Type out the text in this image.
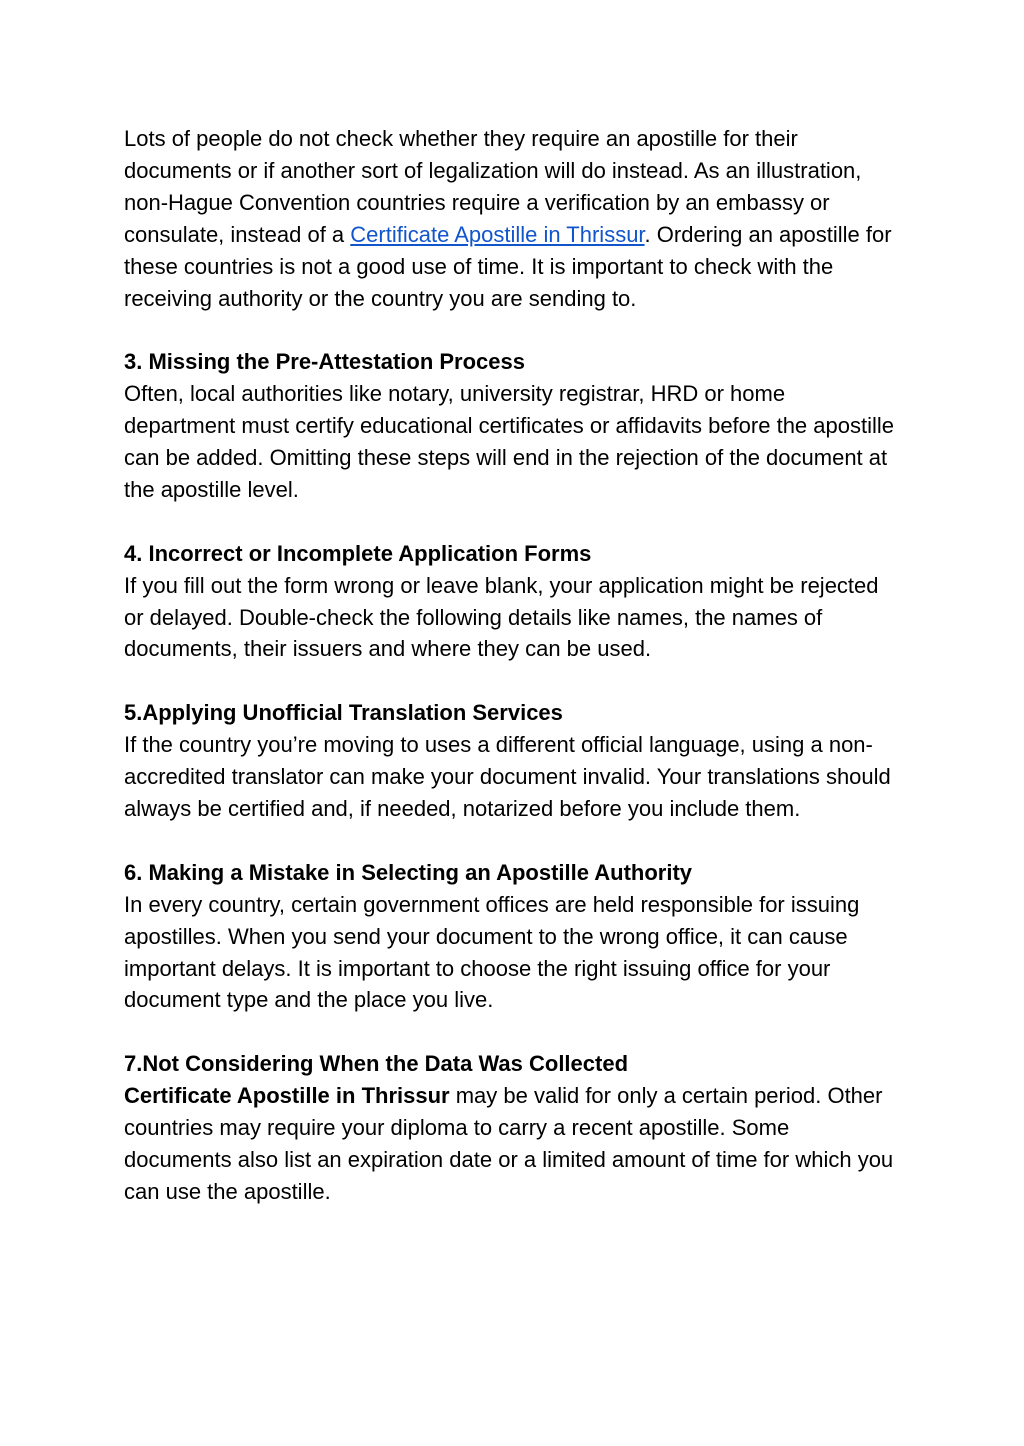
Lots of people do not check whether they require an apostille for their documents or if another sort of legalization will do instead. As an illustration, non-Hague Convention countries require a verification by an embassy or consulate, instead of a Certificate Apostille in Thrissur. Ordering an apostille for these countries is not a good use of time. It is important to check with the receiving authority or the country you are sending to.

3. Missing the Pre-Attestation Process

Often, local authorities like notary, university registrar, HRD or home department must certify educational certificates or affidavits before the apostille can be added. Omitting these steps will end in the rejection of the document at the apostille level.

4. Incorrect or Incomplete Application Forms

If you fill out the form wrong or leave blank, your application might be rejected or delayed. Double-check the following details like names, the names of documents, their issuers and where they can be used.

5.Applying Unofficial Translation Services

If the country you’re moving to uses a different official language, using a non-accredited translator can make your document invalid. Your translations should always be certified and, if needed, notarized before you include them.

6. Making a Mistake in Selecting an Apostille Authority

In every country, certain government offices are held responsible for issuing apostilles. When you send your document to the wrong office, it can cause important delays. It is important to choose the right issuing office for your document type and the place you live.

7.Not Considering When the Data Was Collected

Certificate Apostille in Thrissur may be valid for only a certain period. Other countries may require your diploma to carry a recent apostille. Some documents also list an expiration date or a limited amount of time for which you can use the apostille.
